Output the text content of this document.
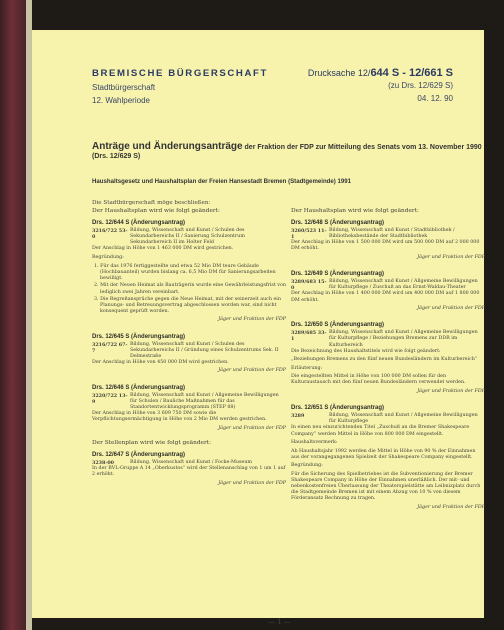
BREMISCHE BÜRGERSCHAFT
Stadtbürgerschaft
12. Wahlperiode
Drucksache 12/644 S - 12/661 S
(zu Drs. 12/629 S)
04. 12. 90
Anträge und Änderungsanträge der Fraktion der FDP zur Mitteilung des Senats vom 13. November 1990 (Drs. 12/629 S)
Haushaltsgesetz und Haushaltsplan der Freien Hansestadt Bremen (Stadtgemeinde) 1991
Die Stadtbürgerschaft möge beschließen:

Der Haushaltsplan wird wie folgt geändert:

Drs. 12/644 S (Änderungsantrag)
3216/722 53-0
Bildung, Wissenschaft und Kunst / Schulen des Sekundarbereichs II / Sanierung Schulzentrum Sekundarbereich II im Holter Feld

Der Anschlag in Höhe von 1 463 000 DM wird gestrichen.

Begründung:

1. Für das 1976 fertiggestellte und etwa 52 Mio DM teure Gebäude (Hochbauanteil) wurden bislang ca. 6,5 Mio DM für Sanierungsarbeiten bewilligt.
2. Mit der Neuen Heimat als Bauträgerin wurde eine Gewährleistungsfrist von lediglich zwei Jahren vereinbart.
3. Die Regreßansprüche gegen die Neue Heimat, mit der seinerzeit auch ein Planungs- und Betreuungsvertrag abgeschlossen worden war, sind nicht konsequent geprüft worden.

Jäger und Fraktion der FDP

Drs. 12/645 S (Änderungsantrag)
3216/722 67-7
Bildung, Wissenschaft und Kunst / Schulen des Sekundarbereichs II / Gründung eines Schulzentrums Sek. II Delmestraße

Der Anschlag in Höhe von 450 000 DM wird gestrichen.

Jäger und Fraktion der FDP

Drs. 12/646 S (Änderungsantrag)
3220/722 13-9
Bildung, Wissenschaft und Kunst / Allgemeine Bewilligungen für Schulen / Bauliche Maßnahmen für das Standortentwicklungsprogramm (STEP 88)

Der Anschlag in Höhe von 3 609 750 DM sowie die Verpflichtungsermächtigung in Höhe von 2 Mio DM werden gestrichen.

Jäger und Fraktion der FDP

Der Stellenplan wird wie folgt geändert:

Drs. 12/647 S (Änderungsantrag)
3238-00	Bildung, Wissenschaft und Kunst / Focke-Museum

In der BVL-Gruppe A 14 „Oberkustos“ wird der Stellenanschlag von 1 um 1 auf 2 erhöht.

Jäger und Fraktion der FDP

Der Haushaltsplan wird wie folgt geändert:

Drs. 12/648 S (Änderungsantrag)
3260/523 11-1
Bildung, Wissenschaft und Kunst / Stadtbibliothek / Bibliotheksbestände der Stadtbibliothek

Der Anschlag in Höhe von 1 500 000 DM wird um 500 000 DM auf 2 000 000 DM erhöht.

Jäger und Fraktion der FDP

Drs. 12/649 S (Änderungsantrag)
3289/683 15-0
Bildung, Wissenschaft und Kunst / Allgemeine Bewilligungen für Kulturpflege / Zuschuß an das Ernst-Waldau-Theater

Der Anschlag in Höhe von 1 400 000 DM wird um 400 000 DM auf 1 800 000 DM erhöht.

Jäger und Fraktion der FDP

Drs. 12/650 S (Änderungsantrag)
3289/685 33-1
Bildung, Wissenschaft und Kunst / Allgemeine Bewilligungen für Kulturpflege / Beziehungen Bremens zur DDR im Kulturbereich

Die Bezeichnung des Haushaltstitels wird wie folgt geändert:

„Beziehungen Bremens zu den fünf neuen Bundesländern im Kulturbereich“

Erläuterung:

Die eingestellten Mittel in Höhe von 100 000 DM sollen für den Kulturaustausch mit den fünf neuen Bundesländern verwendet werden.

Jäger und Fraktion der FDP

Drs. 12/651 S (Änderungsantrag)
3289	Bildung, Wissenschaft und Kunst / Allgemeine Bewilligungen für Kulturpflege

In einen neu einzurichtenden Titel „Zuschuß an die Bremer Shakespeare Company“ werden Mittel in Höhe von 800 000 DM eingestellt.

Haushaltsvermerk:

Ab Haushaltsjahr 1992 werden die Mittel in Höhe von 90 % der Einnahmen aus der vorangegangenen Spielzeit der Shakespeare Company eingestellt.

Begründung:

Für die Sicherung des Spielbetriebes ist die Subventionierung der Bremer Shakespeare Company in Höhe der Einnahmen unerläßlich. Der mit- und nebenkostenfreien Überlassung der Theaterspielstätte am Leibnizplatz durch die Stadtgemeinde Bremen ist mit einem Abzug von 10 % von diesem Förderansatz Rechnung zu tragen.

Jäger und Fraktion der FDP

— 1 —
